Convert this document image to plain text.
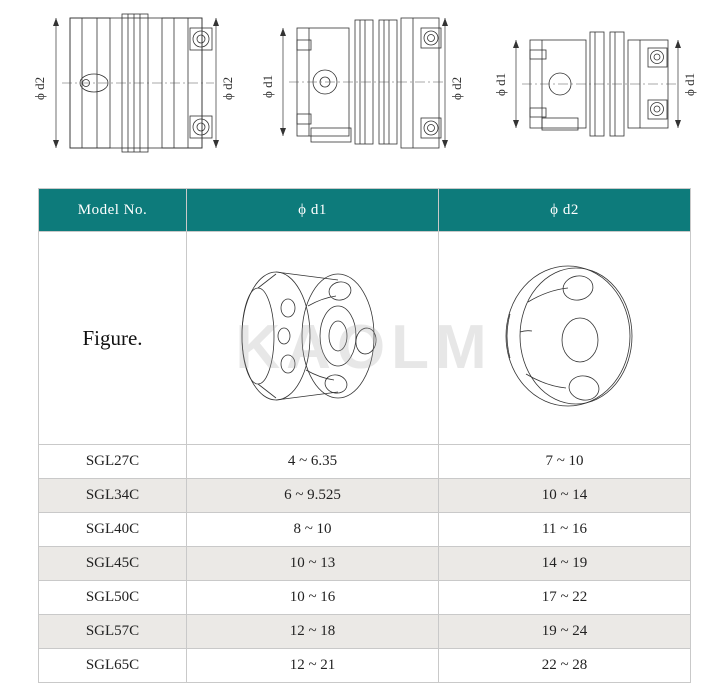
ϕ d2	ϕ d2 ϕ d1	ϕ d2 ϕ d1	ϕ d1
Model No.	ϕ d1	ϕ d2
Figure.	

SGL27C	4 ~ 6.35	7 ~ 10
SGL34C	6 ~ 9.525	10 ~ 14
SGL40C	8 ~ 10	11 ~ 16
SGL45C	10 ~ 13	14 ~ 19
SGL50C	10 ~ 16	17 ~ 22
SGL57C	12 ~ 18	19 ~ 24
SGL65C	12 ~ 21	22 ~ 28
KAOLM
